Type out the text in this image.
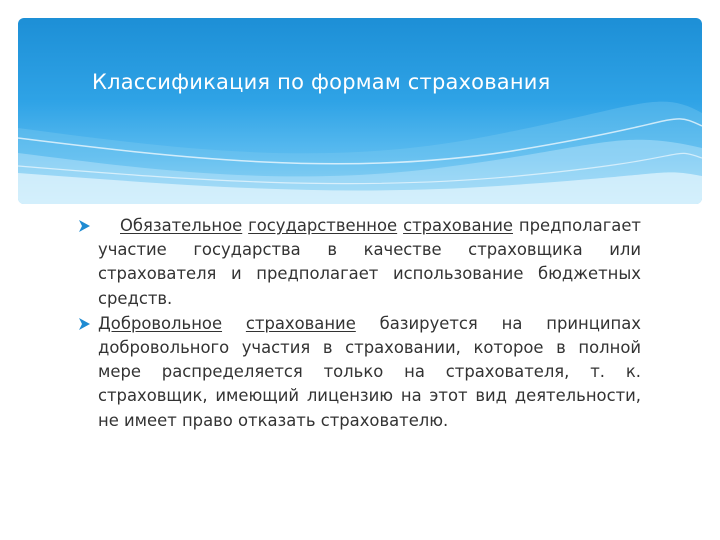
Классификация по формам страхования
Обязательное государственное страхование предполагает участие государства в качестве страховщика или страхователя и предполагает использование бюджетных средств.
Добровольное страхование базируется на принципах добровольного участия в страховании, которое в полной мере распределяется только на страхователя, т. к. страховщик, имеющий лицензию на этот вид деятельности, не имеет право отказать страхователю.
